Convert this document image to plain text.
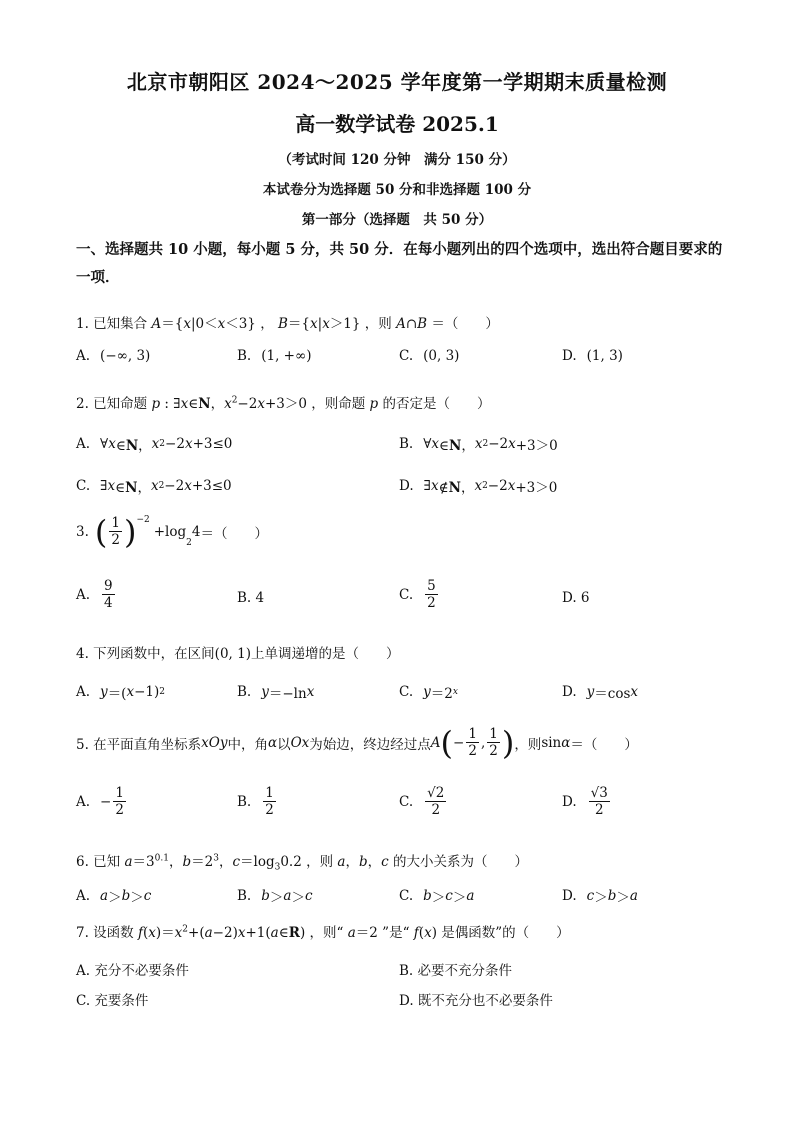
北京市朝阳区 2024～2025 学年度第一学期期末质量检测
高一数学试卷 2025.1
（考试时间 120 分钟　满分 150 分）
本试卷分为选择题 50 分和非选择题 100 分
第一部分（选择题　共 50 分）
一、选择题共 10 小题，每小题 5 分，共 50 分．在每小题列出的四个选项中，选出符合题目要求的一项．
1. 已知集合 A＝{x|0＜x＜3} ， B＝{x|x＞1} ，则 A∩B ＝（　　）
A. (−∞, 3)	B. (1, +∞)	C. (0, 3)	D. (1, 3)
2. 已知命题 p : ∃x∈N，$x^2-2x+3>0$ ，则命题 p 的否定是（　　）
A. ∀ x ∈N， x 2 −2 x +3≤0	B. ∀ x ∈N， x 2 −2 x +3＞0
C. ∃ x ∈N， x 2 −2 x +3≤0	D. ∃ x ∉N， x 2 −2 x +3＞0
3. ( $\frac{1}{2} )^{-2}$
+log
$_2$
4 ＝（　　）
A. $\frac{9}{4}$	B. 4	C. $\frac{5}{2}$	D. 6
4. 下列函数中，在区间(0, 1)上单调递增的是（　　）
A. y ＝( x −1) 2	B. y ＝−ln x	C. y ＝2 x	D. y ＝cos x
5. 在平面直角坐标系 xOy 中，角 α 以 Ox 为始边，终边经过点 A ( − $\frac{1}{2}$ , $\frac{1}{2}$ ) ，则 sin α ＝（　　）
A. − $\frac{1}{2}$	B. $\frac{1}{2}$	C. $\frac{√2}{2}$	D. $\frac{√3}{2}$
6. 已知 $a=3^{0.1}$，$b=2^3$，$c=\log_30.2$ ，则 a，b，c 的大小关系为（　　）
A. a ＞ b ＞ c	B. b ＞ a ＞ c	C. b ＞ c ＞ a	D. c ＞ b ＞ a
7. 设函数 $f(x)=x^2+(a-2)x+1(a\in R)$ ，则“ a＝2 ”是“ f(x) 是偶函数”的（　　）
A. 充分不必要条件	B. 必要不充分条件
C. 充要条件	D. 既不充分也不必要条件
